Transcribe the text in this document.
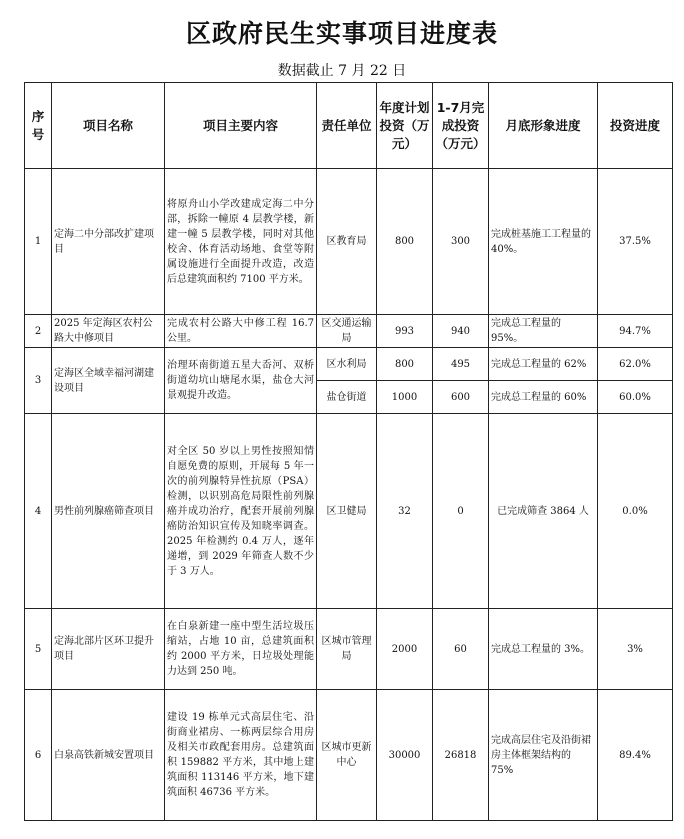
区政府民生实事项目进度表
数据截止 7 月 22 日
序号	项目名称	项目主要内容	责任单位	年度计划投资（万元）	1-7月完成投资（万元）	月底形象进度	投资进度
1	定海二中分部改扩建项目	将原舟山小学改建成定海二中分部，拆除一幢原 4 层教学楼，新建一幢 5 层教学楼，同时对其他校舍、体育活动场地、食堂等附属设施进行全面提升改造，改造后总建筑面积约 7100 平方米。	区教育局	800	300	完成桩基施工工程量的 40%。	37.5%
2	2025 年定海区农村公路大中修项目	完成农村公路大中修工程 16.7 公里。	区交通运输局	993	940	完成总工程量的 95%。	94.7%
3	定海区全域幸福河湖建设项目	治理环南街道五星大岙河、双桥街道幼坑山塘尾水渠，盐仓大河景观提升改造。	区水利局	800	495	完成总工程量的 62%	62.0%
			盐仓街道	1000	600	完成总工程量的 60%	60.0%
4	男性前列腺癌筛查项目	对全区 50 岁以上男性按照知情自愿免费的原则，开展每 5 年一次的前列腺特异性抗原（PSA）检测，以识别高危局限性前列腺癌并成功治疗，配套开展前列腺癌防治知识宣传及知晓率调查。2025 年检测约 0.4 万人，逐年递增，到 2029 年筛查人数不少于 3 万人。	区卫健局	32	0	已完成筛查 3864 人	0.0%
5	定海北部片区环卫提升项目	在白泉新建一座中型生活垃圾压缩站，占地 10 亩，总建筑面积约 2000 平方米，日垃圾处理能力达到 250 吨。	区城市管理局	2000	60	完成总工程量的 3%。	3%
6	白泉高铁新城安置项目	建设 19 栋单元式高层住宅、沿街商业裙房、一栋两层综合用房及相关市政配套用房。总建筑面积 159882 平方米，其中地上建筑面积 113146 平方米，地下建筑面积 46736 平方米。	区城市更新中心	30000	26818	完成高层住宅及沿街裙房主体框架结构的 75%	89.4%
